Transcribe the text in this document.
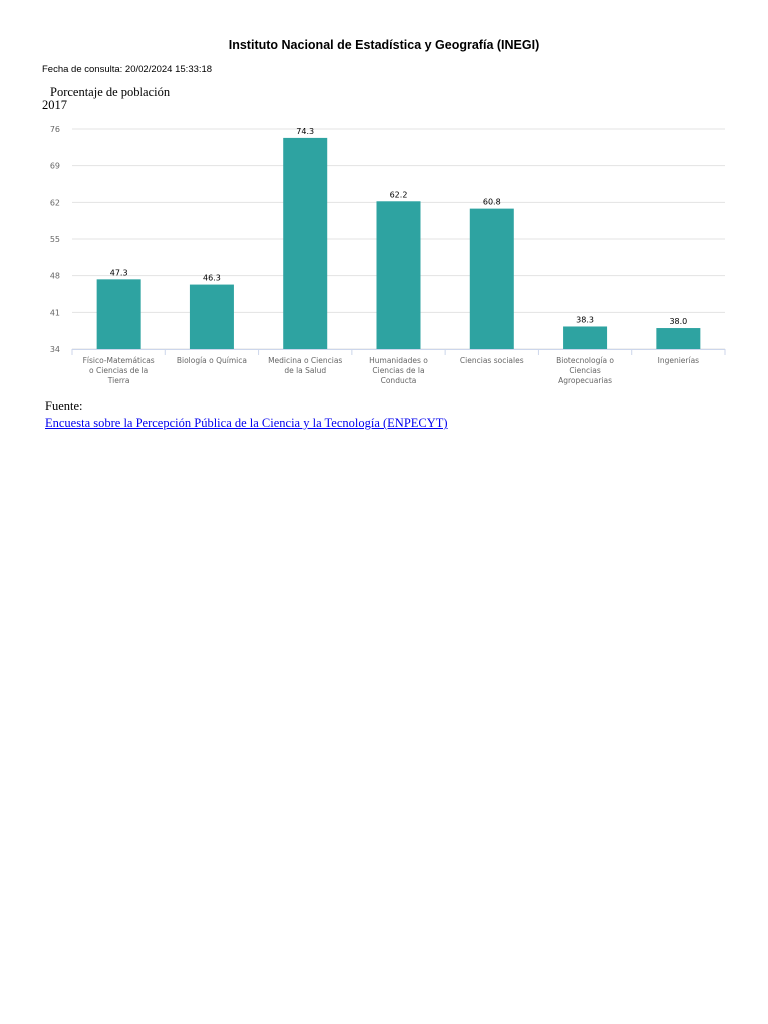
Instituto Nacional de Estadística y Geografía (INEGI)
Fecha de consulta: 20/02/2024 15:33:18
Porcentaje de población
2017
34
41
48
55
62
69
76
47.3
Físico-Matemáticas o Ciencias de la Tierra
46.3
Biología o Química
74.3
Medicina o Ciencias de la Salud
62.2
Humanidades o Ciencias de la Conducta
60.8
Ciencias sociales
38.3
Biotecnología o Ciencias Agropecuarias
38.0
Ingenierías
Fuente:
Encuesta sobre la Percepción Pública de la Ciencia y la Tecnología (ENPECYT)
